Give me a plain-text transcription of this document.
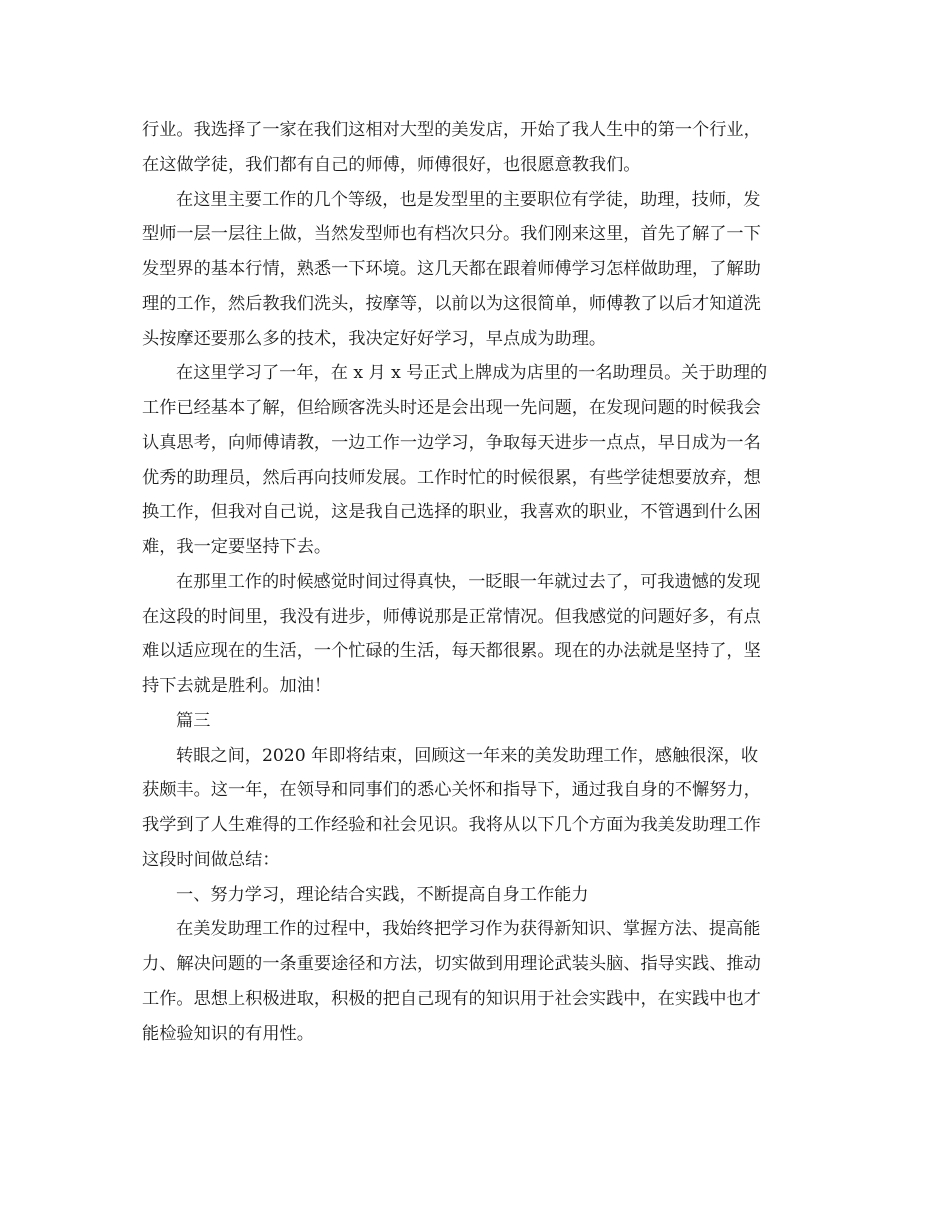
行业。我选择了一家在我们这相对大型的美发店，开始了我人生中的第一个行业，
在这做学徒，我们都有自己的师傅，师傅很好，也很愿意教我们。
在这里主要工作的几个等级，也是发型里的主要职位有学徒，助理，技师，发
型师一层一层往上做，当然发型师也有档次只分。我们刚来这里，首先了解了一下
发型界的基本行情，熟悉一下环境。这几天都在跟着师傅学习怎样做助理，了解助
理的工作，然后教我们洗头，按摩等，以前以为这很简单，师傅教了以后才知道洗
头按摩还要那么多的技术，我决定好好学习，早点成为助理。
在这里学习了一年，在 x 月 x 号正式上牌成为店里的一名助理员。关于助理的
工作已经基本了解，但给顾客洗头时还是会出现一先问题，在发现问题的时候我会
认真思考，向师傅请教，一边工作一边学习，争取每天进步一点点，早日成为一名
优秀的助理员，然后再向技师发展。工作时忙的时候很累，有些学徒想要放弃，想
换工作，但我对自己说，这是我自己选择的职业，我喜欢的职业，不管遇到什么困
难，我一定要坚持下去。
在那里工作的时候感觉时间过得真快，一眨眼一年就过去了，可我遗憾的发现
在这段的时间里，我没有进步，师傅说那是正常情况。但我感觉的问题好多，有点
难以适应现在的生活，一个忙碌的生活，每天都很累。现在的办法就是坚持了，坚
持下去就是胜利。加油！
篇三
转眼之间，2020 年即将结束，回顾这一年来的美发助理工作，感触很深，收
获颇丰。这一年，在领导和同事们的悉心关怀和指导下，通过我自身的不懈努力，
我学到了人生难得的工作经验和社会见识。我将从以下几个方面为我美发助理工作
这段时间做总结：
一、努力学习，理论结合实践，不断提高自身工作能力
在美发助理工作的过程中，我始终把学习作为获得新知识、掌握方法、提高能
力、解决问题的一条重要途径和方法，切实做到用理论武装头脑、指导实践、推动
工作。思想上积极进取，积极的把自己现有的知识用于社会实践中，在实践中也才
能检验知识的有用性。
